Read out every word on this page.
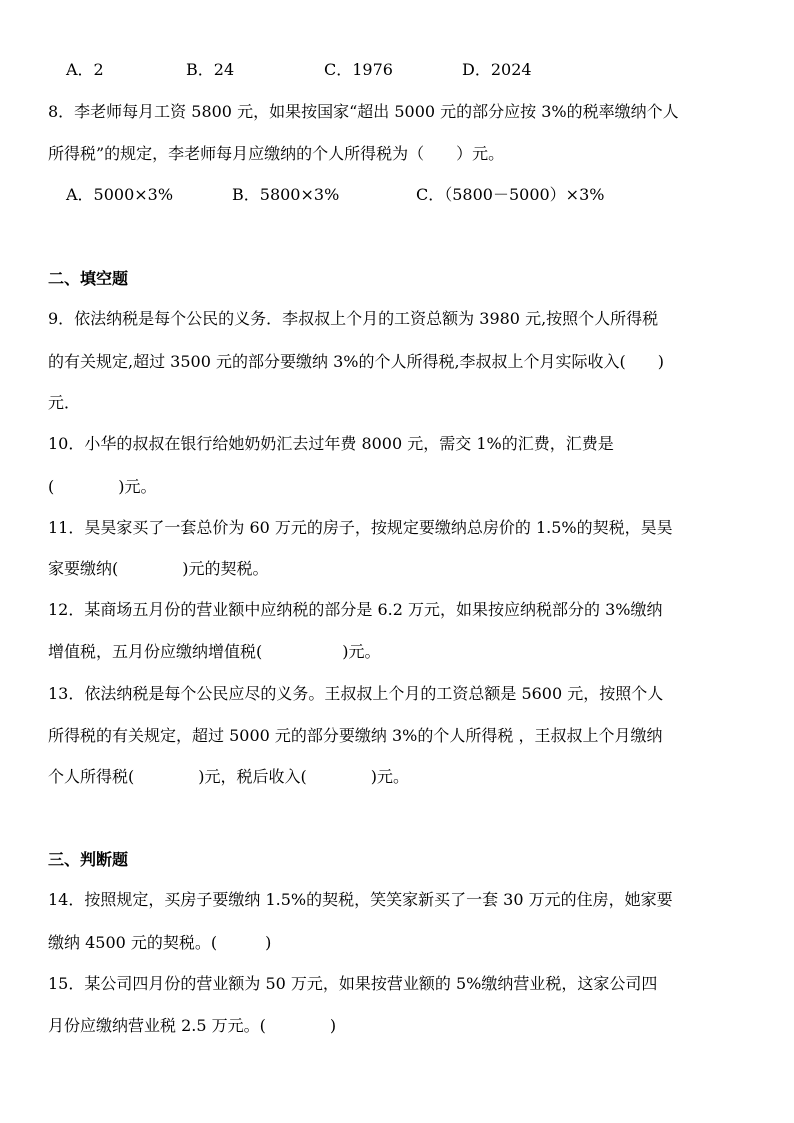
A．2	B．24	C．1976	D．2024
8．李老师每月工资 5800 元，如果按国家“超出 5000 元的部分应按 3%的税率缴纳个人
所得税”的规定，李老师每月应缴纳的个人所得税为（　　）元。
A．5000×3%	B．5800×3%	C．（5800－5000）×3%
二、填空题
9．依法纳税是每个公民的义务．李叔叔上个月的工资总额为 3980 元,按照个人所得税
的有关规定,超过 3500 元的部分要缴纳 3%的个人所得税,李叔叔上个月实际收入(　　)
元．
10．小华的叔叔在银行给她奶奶汇去过年费 8000 元，需交 1%的汇费，汇费是
(　　　　)元。
11．昊昊家买了一套总价为 60 万元的房子，按规定要缴纳总房价的 1.5%的契税，昊昊
家要缴纳(　　　　)元的契税。
12．某商场五月份的营业额中应纳税的部分是 6.2 万元，如果按应纳税部分的 3%缴纳
增值税，五月份应缴纳增值税(　　　　　)元。
13．依法纳税是每个公民应尽的义务。王叔叔上个月的工资总额是 5600 元，按照个人
所得税的有关规定，超过 5000 元的部分要缴纳 3%的个人所得税 ，王叔叔上个月缴纳
个人所得税(　　　　)元，税后收入(　　　　)元。
三、判断题
14．按照规定，买房子要缴纳 1.5%的契税，笑笑家新买了一套 30 万元的住房，她家要
缴纳 4500 元的契税。(　　　)
15．某公司四月份的营业额为 50 万元，如果按营业额的 5%缴纳营业税，这家公司四
月份应缴纳营业税 2.5 万元。(　　　　)
